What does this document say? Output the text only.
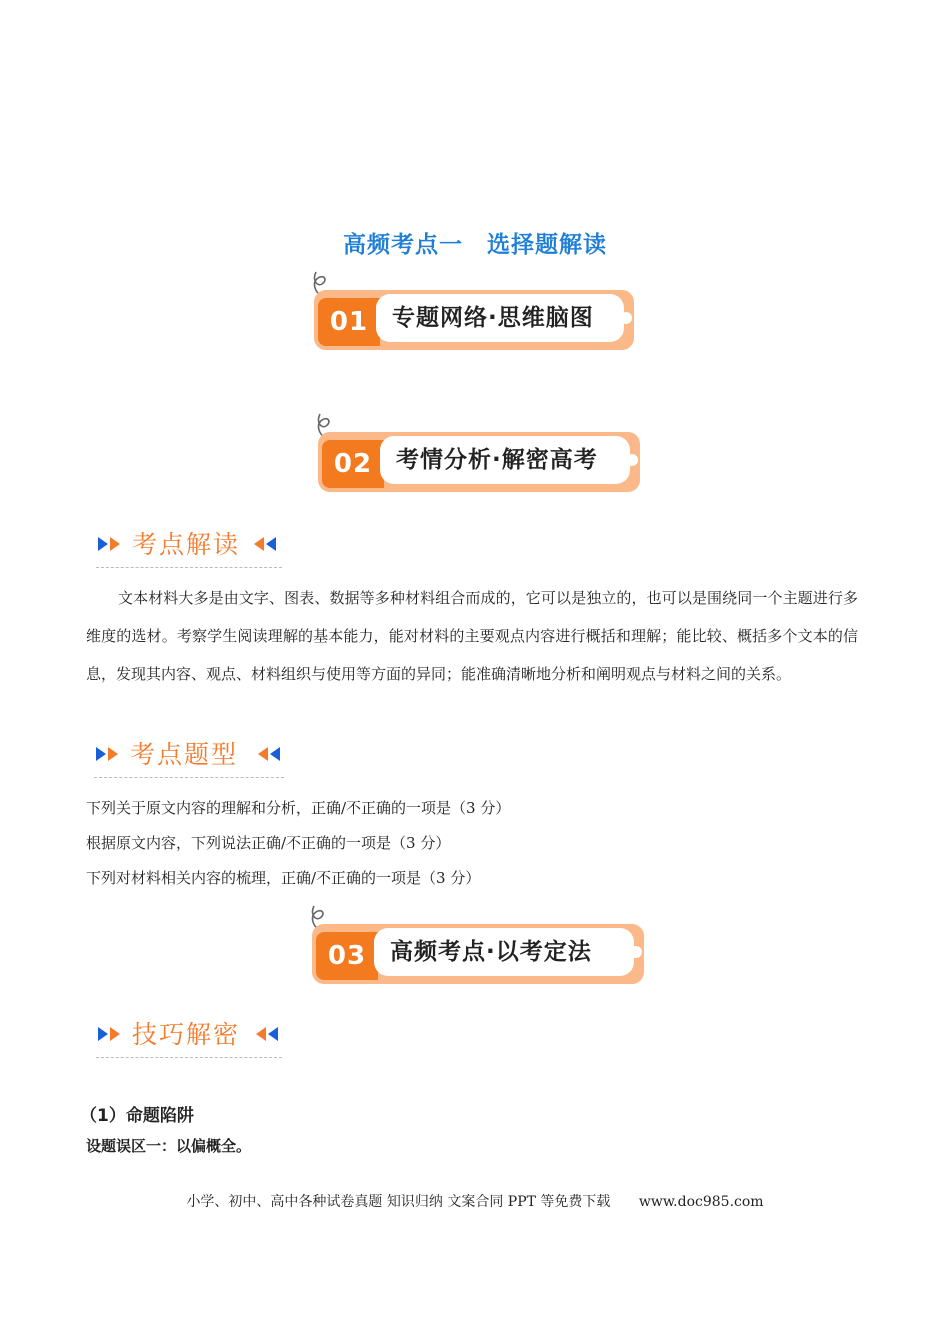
高频考点一　选择题解读
01	专题网络·思维脑图
02	考情分析·解密高考
考点解读
文本材料大多是由文字、图表、数据等多种材料组合而成的，它可以是独立的，也可以是围绕同一个主题进行多维度的选材。考察学生阅读理解的基本能力，能对材料的主要观点内容进行概括和理解；能比较、概括多个文本的信息，发现其内容、观点、材料组织与使用等方面的异同；能准确清晰地分析和阐明观点与材料之间的关系。
考点题型
下列关于原文内容的理解和分析，正确/不正确的一项是（3 分）
根据原文内容，下列说法正确/不正确的一项是（3 分）
下列对材料相关内容的梳理，正确/不正确的一项是（3 分）
03	高频考点·以考定法
技巧解密
（1）命题陷阱
设题误区一：以偏概全。
小学、初中、高中各种试卷真题 知识归纳 文案合同 PPT 等免费下载 www.doc985.com
